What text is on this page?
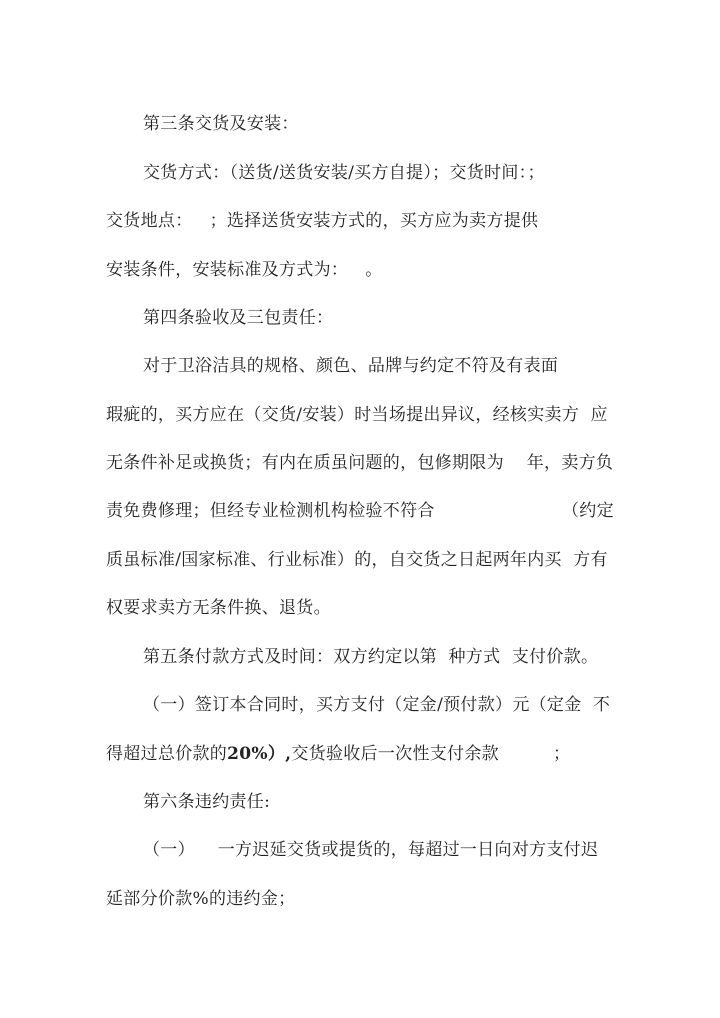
第三条交货及安装：
交货方式：（送货/送货安装/买方自提）；交货时间：；
交货地点：   ；选择送货安装方式的，买方应为卖方提供
安装条件，安装标准及方式为：   。
第四条验收及三包责任：
对于卫浴洁具的规格、颜色、品牌与约定不符及有表面
瑕疵的，买方应在（交货/安装）时当场提出异议，经核实卖方  应
无条件补足或换货；有内在质虽问题的，包修期限为    年，卖方负
责免费修理；但经专业检测机构检验不符合	（约定
质虽标准/国家标准、行业标准）的，自交货之日起两年内买  方有
权要求卖方无条件换、退货。
第五条付款方式及时间：双方约定以第  种方式  支付价款。
（一）签订本合同时，买方支付（定金/预付款）元（定金  不
得超过总价款的20%）,交货验收后一次性支付余款	；
第六条违约责任:
（一）    一方迟延交货或提货的，每超过一日向对方支付迟
延部分价款%的违约金；
